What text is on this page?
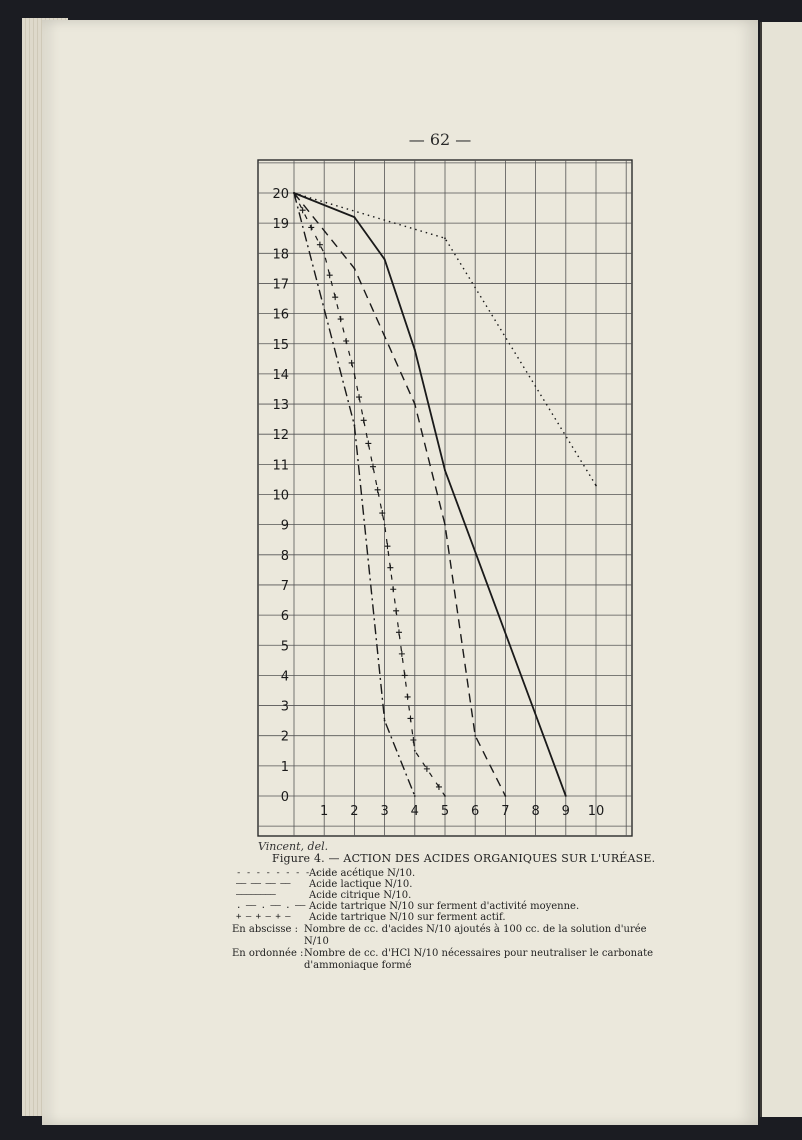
— 62 —
20
19
18
17
16
15
14
13
12
11
10
9
8
7
6
5
4
3
2
1
0
1 2 3 4 5 6 7 8 9 10
Vincent, del.
Figure 4. — ACTION DES ACIDES ORGANIQUES SUR L'URÉASE.
- - - - - - - - - -
Acide acétique N/10.
—— —— —— ——	Acide lactique N/10.
————————	Acide citrique N/10.
. —— . —— . —— Acide tartrique N/10 sur ferment d'activité moyenne.
+ — + — + —	Acide tartrique N/10 sur ferment actif.
En abscisse : Nombre de cc. d'acides N/10 ajoutés à 100 cc. de la solution d'urée N/10
En ordonnée : Nombre de cc. d'HCl N/10 nécessaires pour neutraliser le carbonate d'ammoniaque formé
